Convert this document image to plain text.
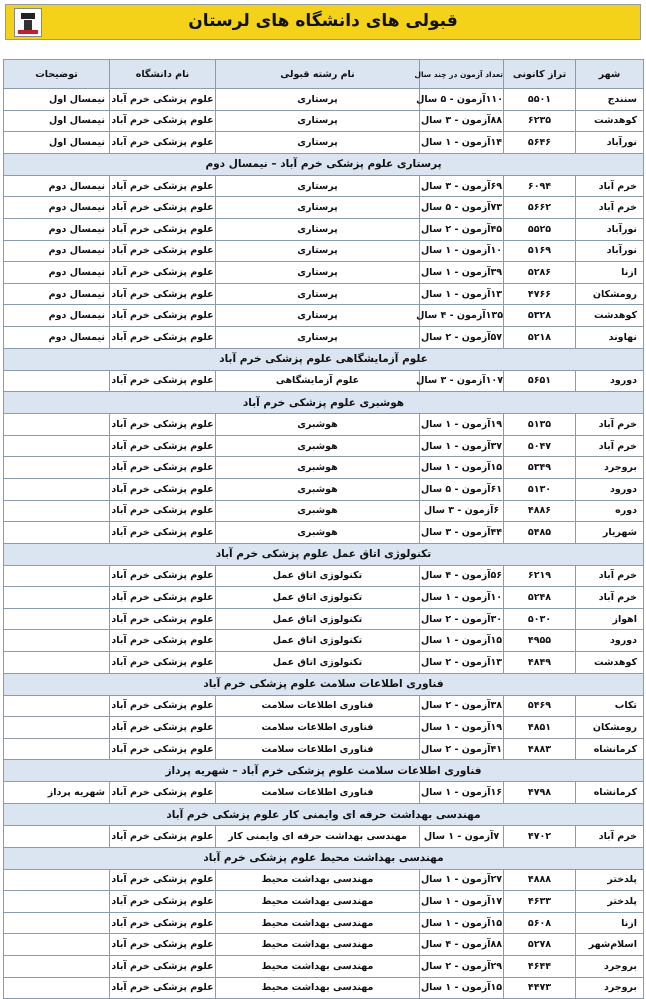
قبولی های دانشگاه های لرستان
شهر	تراز کانونی	تعداد آزمون در چند سال	نام رشته قبولی	نام دانشگاه	توضیحات
سنندج	۵۵۰۱	۱۱۰آزمون - ۵ سال	پرستاری	علوم پزشکی خرم آباد	نیمسال اول
کوهدشت	۶۲۳۵	۸۸آزمون - ۳ سال	پرستاری	علوم پزشکی خرم آباد	نیمسال اول
نورآباد	۵۶۴۶	۱۴آزمون - ۱ سال	پرستاری	علوم پزشکی خرم آباد	نیمسال اول
پرستاری علوم پزشکی خرم آباد – نیمسال دوم					
خرم آباد	۶۰۹۴	۶۹آزمون - ۳ سال	پرستاری	علوم پزشکی خرم آباد	نیمسال دوم
خرم آباد	۵۶۶۲	۷۳آزمون - ۵ سال	پرستاری	علوم پزشکی خرم آباد	نیمسال دوم
نورآباد	۵۵۲۵	۴۵آزمون - ۲ سال	پرستاری	علوم پزشکی خرم آباد	نیمسال دوم
نورآباد	۵۱۶۹	۱۰آزمون - ۱ سال	پرستاری	علوم پزشکی خرم آباد	نیمسال دوم
ازنا	۵۲۸۶	۳۹آزمون - ۱ سال	پرستاری	علوم پزشکی خرم آباد	نیمسال دوم
رومشکان	۴۷۶۶	۱۳آزمون - ۱ سال	پرستاری	علوم پزشکی خرم آباد	نیمسال دوم
کوهدشت	۵۳۲۸	۱۳۵آزمون - ۴ سال	پرستاری	علوم پزشکی خرم آباد	نیمسال دوم
نهاوند	۵۲۱۸	۵۷آزمون - ۲ سال	پرستاری	علوم پزشکی خرم آباد	نیمسال دوم
علوم آزمایشگاهی علوم پزشکی خرم آباد					
دورود	۵۶۵۱	۱۰۷آزمون - ۳ سال	علوم آزمایشگاهی	علوم پزشکی خرم آباد	
هوشبری علوم پزشکی خرم آباد					
خرم آباد	۵۱۳۵	۱۹آزمون - ۱ سال	هوشبری	علوم پزشکی خرم آباد	
خرم آباد	۵۰۴۷	۳۷آزمون - ۱ سال	هوشبری	علوم پزشکی خرم آباد	
بروجرد	۵۳۴۹	۱۵آزمون - ۱ سال	هوشبری	علوم پزشکی خرم آباد	
دورود	۵۱۳۰	۶۱آزمون - ۵ سال	هوشبری	علوم پزشکی خرم آباد	
دوره	۴۸۸۶	۶آزمون - ۳ سال	هوشبری	علوم پزشکی خرم آباد	
شهریار	۵۴۸۵	۴۴آزمون - ۳ سال	هوشبری	علوم پزشکی خرم آباد	
تکنولوژی اتاق عمل علوم پزشکی خرم آباد					
خرم آباد	۶۲۱۹	۵۶آزمون - ۴ سال	تکنولوژی اتاق عمل	علوم پزشکی خرم آباد	
خرم آباد	۵۲۴۸	۱۰آزمون - ۱ سال	تکنولوژی اتاق عمل	علوم پزشکی خرم آباد	
اهواز	۵۰۳۰	۳۰آزمون - ۲ سال	تکنولوژی اتاق عمل	علوم پزشکی خرم آباد	
دورود	۴۹۵۵	۱۵آزمون - ۱ سال	تکنولوژی اتاق عمل	علوم پزشکی خرم آباد	
کوهدشت	۴۸۴۹	۱۳آزمون - ۲ سال	تکنولوژی اتاق عمل	علوم پزشکی خرم آباد	
فناوری اطلاعات سلامت علوم پزشکی خرم آباد					
تکاب	۵۴۶۹	۳۸آزمون - ۲ سال	فناوری اطلاعات سلامت	علوم پزشکی خرم آباد	
رومشکان	۴۸۵۱	۱۹آزمون - ۱ سال	فناوری اطلاعات سلامت	علوم پزشکی خرم آباد	
کرمانشاه	۴۸۸۳	۴۱آزمون - ۲ سال	فناوری اطلاعات سلامت	علوم پزشکی خرم آباد	
فناوری اطلاعات سلامت علوم پزشکی خرم آباد – شهریه پرداز					
کرمانشاه	۴۷۹۸	۱۶آزمون - ۱ سال	فناوری اطلاعات سلامت	علوم پزشکی خرم آباد	شهریه پرداز
مهندسی بهداشت حرفه ای وایمنی کار علوم پزشکی خرم آباد					
خرم آباد	۴۷۰۲	۷آزمون - ۱ سال	مهندسی بهداشت حرفه ای وایمنی کار	علوم پزشکی خرم آباد	
مهندسی بهداشت محیط علوم پزشکی خرم آباد					
پلدختر	۴۸۸۸	۲۷آزمون - ۱ سال	مهندسی بهداشت محیط	علوم پزشکی خرم آباد	
پلدختر	۴۶۳۳	۱۷آزمون - ۱ سال	مهندسی بهداشت محیط	علوم پزشکی خرم آباد	
ازنا	۵۶۰۸	۱۵آزمون - ۱ سال	مهندسی بهداشت محیط	علوم پزشکی خرم آباد	
اسلام‌شهر	۵۲۷۸	۸۸آزمون - ۴ سال	مهندسی بهداشت محیط	علوم پزشکی خرم آباد	
بروجرد	۴۶۴۴	۲۹آزمون - ۲ سال	مهندسی بهداشت محیط	علوم پزشکی خرم آباد	
بروجرد	۴۴۷۳	۱۵آزمون - ۱ سال	مهندسی بهداشت محیط	علوم پزشکی خرم آباد	
